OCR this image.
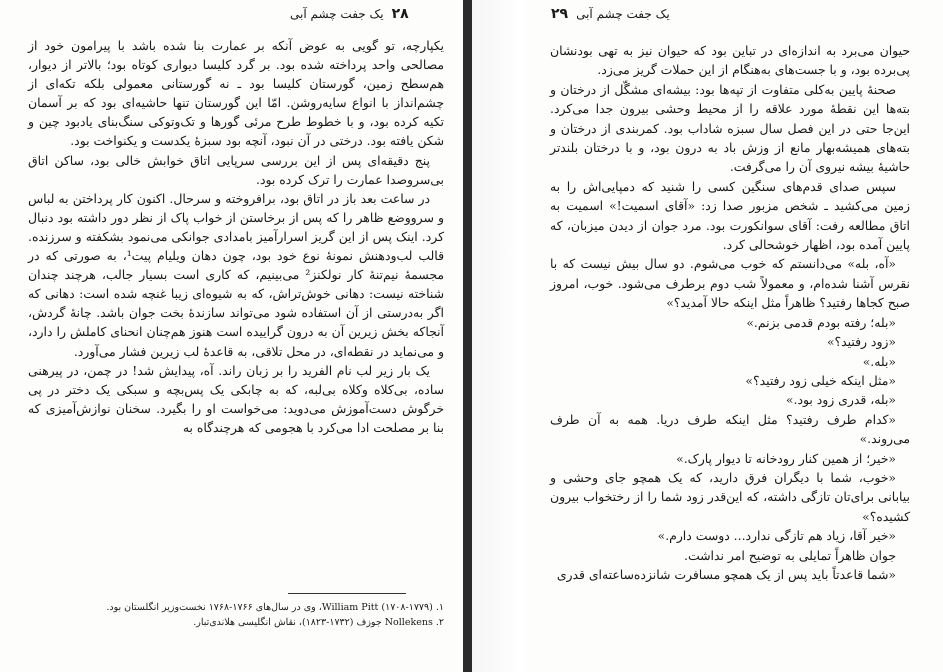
۲۸یک جفت چشم آبی

یکپارچه، تو گویی به عوض آنکه بر عمارت بنا شده باشد با پیرامون خود از مصالحی واحد پرداخته شده بود. بر گرد کلیسا دیواری کوتاه بود؛ بالاتر از دیوار، هم‌سطح زمین، گورستان کلیسا بود ـ نه گورستانی معمولی بلکه تکه‌ای از چشم‌انداز با انواع سایه‌روشن. امّا این گورستان تنها حاشیه‌ای بود که بر آسمان تکیه کرده بود، و با خطوط طرح مرئی گورها و تک‌وتوکی سنگ‌بنای یادبود چین و شکن یافته بود. درختی در آن نبود، آنچه بود سبزهٔ یکدست و یکنواخت بود.

پنج دقیقه‌ای پس از این بررسی سرپایی اتاق خوابش خالی بود، ساکن اتاق بی‌سروصدا عمارت را ترک کرده بود.

در ساعت بعد باز در اتاق بود، برافروخته و سرحال. اکنون کار پرداختن به لباس و سرووضع ظاهر را که پس از برخاستن از خواب پاک از نظر دور داشته بود دنبال کرد. اینک پس از این گریز اسرارآمیز بامدادی جوانکی می‌نمود بشکفته و سرزنده. قالب لب‌ودهنش نمونهٔ نوع خود بود، چون دهان ویلیام پیت¹، به صورتی که در مجسمهٔ نیم‌تنهٔ کار نولکنز² می‌بینیم، که کاری است بسیار جالب، هرچند چندان شناخته نیست: دهانی خوش‌تراش، که به شیوه‌ای زیبا غنچه شده است: دهانی که اگر به‌درستی از آن استفاده شود می‌تواند سازندهٔ بخت جوان باشد. چانهٔ گردش، آنجاکه بخش زیرین آن به درون گراییده است هنوز هم‌چنان انحنای کاملش را دارد، و می‌نماید در نقطه‌ای، در محل تلاقی، به قاعدهٔ لب زیرین فشار می‌آورد.

یک بار زیر لب نام الفرید را بر زبان راند. آه، پیدایش شد! در چمن، در پیرهنی ساده، بی‌کلاه وکلاه بی‌لبه، که به چابکی یک پس‌بچه و سبکی یک دختر در پی خرگوش دست‌آموزش می‌دوید: می‌خواست او را بگیرد. سخنان نوازش‌آمیزی که بنا بر مصلحت ادا می‌کرد با هجومی که هرچندگاه به

۱. William Pitt (۱۷۰۸-۱۷۷۹)، وی در سال‌های ۱۷۶۶-۱۷۶۸ نخست‌وزیر انگلستان بود.

۲. Nollekens جوزف (۱۷۳۲-۱۸۲۳)، نقاش انگلیسی هلاندی‌تبار.

یک جفت چشم آبی۲۹

حیوان می‌برد به اندازه‌ای در تباین بود که حیوان نیز به تهی بودنشان پی‌برده بود، و با جست‌های به‌هنگام از این حملات گریز می‌زد.

صحنهٔ پایین به‌کلی متفاوت از تپه‌ها بود: بیشه‌ای مشگّل از درختان و بته‌ها این نقطهٔ مورد علاقه را از محیط وحشی بیرون جدا می‌کرد. این‌جا حتی در این فصل سال سبزه شاداب بود. کمربندی از درختان و بته‌های همیشه‌بهار مانع از وزش باد به درون بود، و با درختان بلندتر حاشیهٔ بیشه نیروی آن را می‌گرفت.

سپس صدای قدم‌های سنگین کسی را شنید که دمپایی‌اش را به زمین می‌کشید ـ شخص مزبور صدا زد: «آقای اسمیت!» اسمیت به اتاق مطالعه رفت: آقای سوانکورت بود. مرد جوان از دیدن میزبان، که پایین آمده بود، اظهار خوشحالی کرد.

«آه، بله» می‌دانستم که خوب می‌شوم. دو سال بیش نیست که با نقرس آشنا شده‌ام، و معمولاً شب دوم برطرف می‌شود. خوب، امروز صبح کجاها رفتید؟ ظاهراً مثل اینکه حالا آمدید؟»

«بله؛ رفته بودم قدمی بزنم.»

«زود رفتید؟»

«بله.»

«مثل اینکه خیلی زود رفتید؟»

«بله، قدری زود بود.»

«کدام طرف رفتید؟ مثل اینکه طرف دریا. همه به آن طرف می‌روند.»

«خیر؛ از همین کنار رودخانه تا دیوار پارک.»

«خوب، شما با دیگران فرق دارید، که یک همچو جای وحشی و بیابانی برای‌تان تازگی داشته، که این‌قدر زود شما را از رختخواب بیرون کشیده؟»

«خیر آقا، زیاد هم تازگی ندارد... دوست دارم.»

جوان ظاهراً تمایلی به توضیح امر نداشت.

«شما قاعدتاً باید پس از یک همچو مسافرت شانزده‌ساعته‌ای قدری
